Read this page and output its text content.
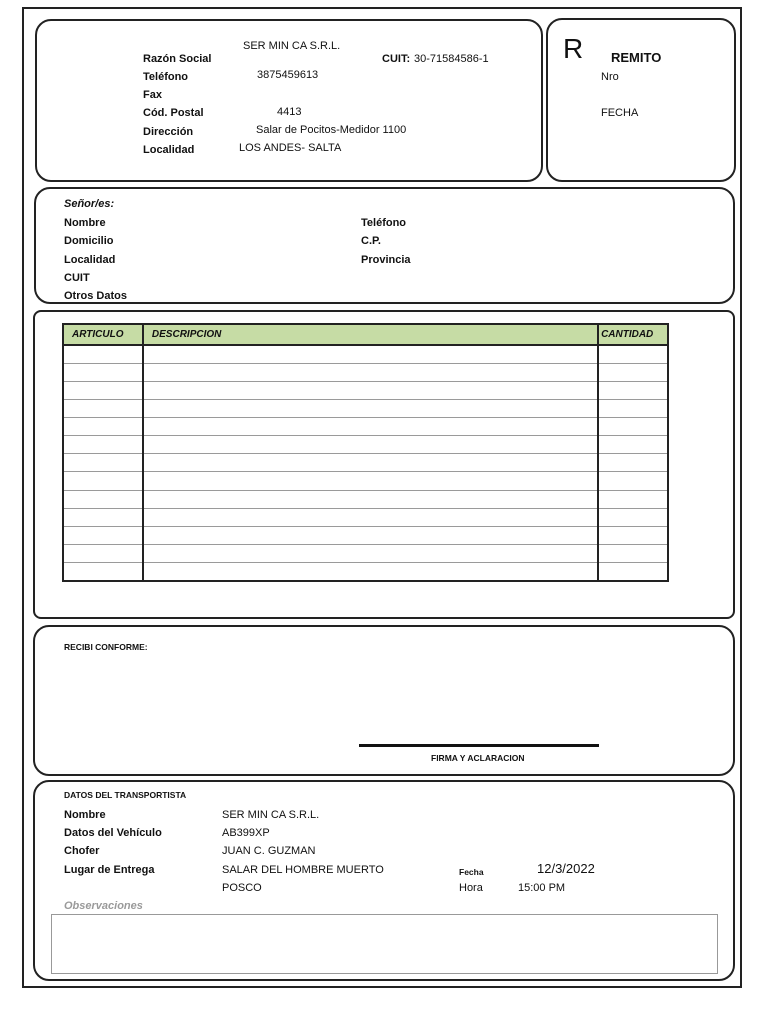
SER MIN CA S.R.L.
Razón Social	CUIT: 30-71584586-1
Teléfono	3875459613
Fax
Cód. Postal	4413
Dirección	Salar de Pocitos-Medidor 1100
Localidad	LOS ANDES- SALTA
R REMITO
Nro
FECHA
Señor/es:
Nombre
Domicilio
Localidad
CUIT
Otros Datos
Teléfono
C.P.
Provincia
ARTICULO	DESCRIPCION	CANTIDAD

RECIBI CONFORME:
FIRMA Y ACLARACION
DATOS DEL TRANSPORTISTA
Nombre	SER MIN CA S.R.L.
Datos del Vehículo	AB399XP
Chofer	JUAN C. GUZMAN
Lugar de Entrega	SALAR DEL HOMBRE MUERTO
POSCO
Fecha	12/3/2022
Hora	15:00 PM
Observaciones
